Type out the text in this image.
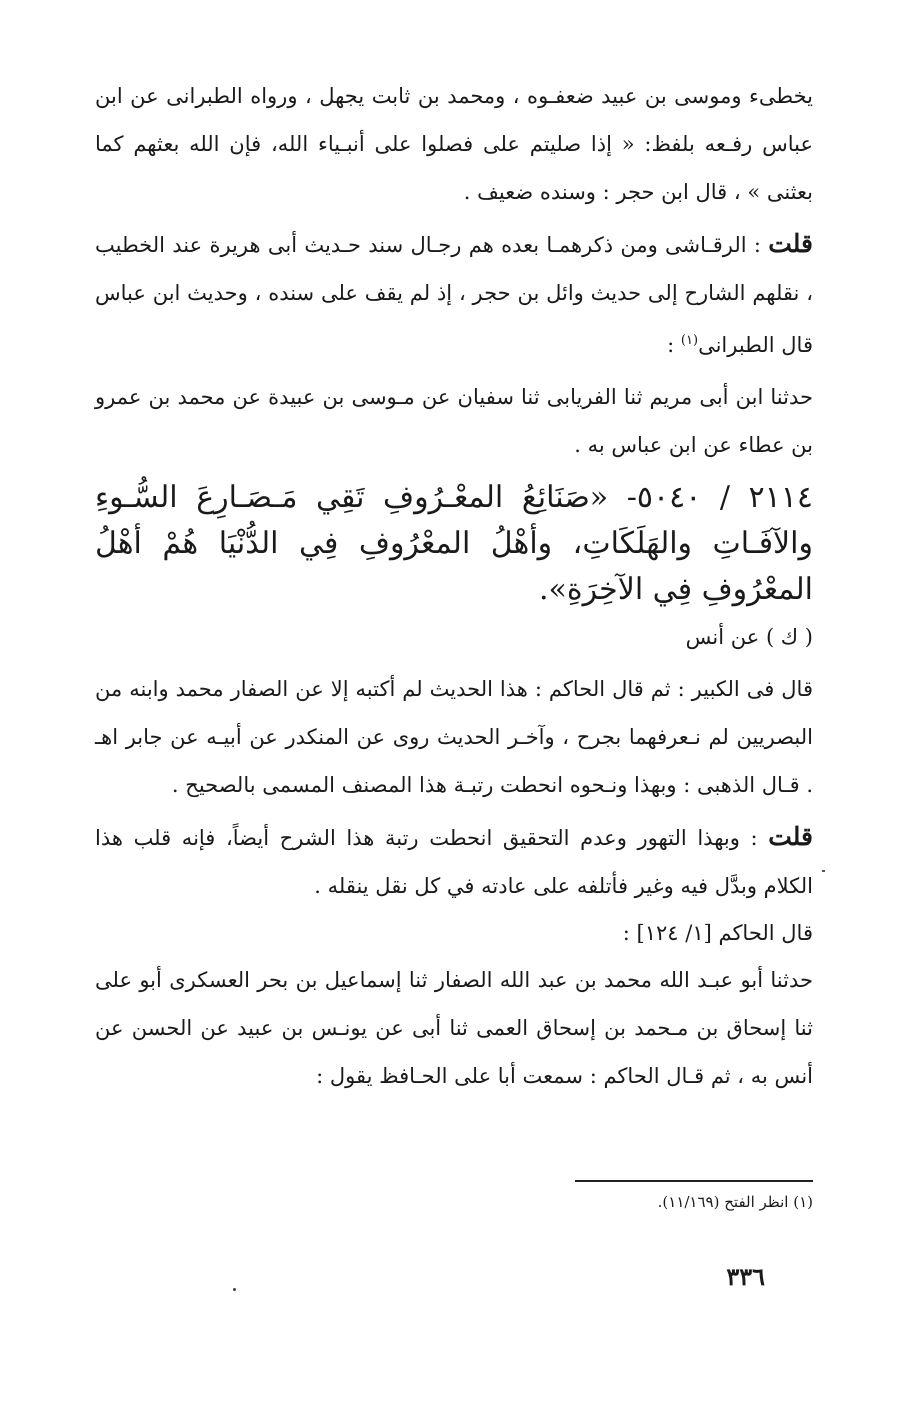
يخطىء وموسى بن عبيد ضعفـوه ، ومحمد بن ثابت يجهل ، ورواه الطبرانى عن ابن عباس رفـعه بلفظ: « إذا صليتم على فصلوا على أنبـياء الله، فإن الله بعثهم كما بعثنى » ، قال ابن حجر : وسنده ضعيف .

قلت : الرقـاشى ومن ذكرهمـا بعده هم رجـال سند حـديث أبى هريرة عند الخطيب ، نقلهم الشارح إلى حديث وائل بن حجر ، إذ لم يقف على سنده ، وحديث ابن عباس قال الطبرانى$^{(١)}$ :

حدثنا ابن أبى مريم ثنا الفريابى ثنا سفيان عن مـوسى بن عبيدة عن محمد بن عمرو بن عطاء عن ابن عباس به .

٢١١٤ / ٥٠٤٠- «صَنَائِعُ المعْـرُوفِ تَقِي مَـصَـارِعَ السُّـوءِ والآفَـاتِ والهَلَكَاتِ، وأهْلُ المعْرُوفِ فِي الدُّنْيَا هُمْ أهْلُ المعْرُوفِ فِي الآخِرَةِ».

( ك ) عن أنس

قال فى الكبير : ثم قال الحاكم : هذا الحديث لم أكتبه إلا عن الصفار محمد وابنه من البصريين لم نـعرفهما بجرح ، وآخـر الحديث روى عن المنكدر عن أبيـه عن جابر اهـ . قـال الذهبى : وبهذا ونـحوه انحطت رتبـة هذا المصنف المسمى بالصحيح .

قلت : وبهذا التهور وعدم التحقيق انحطت رتبة هذا الشرح أيضاً، فإنه قلب هذا الكلام وبدَّل فيه وغير فأتلفه على عادته في كل نقل ينقله .

قال الحاكم [١/ ١٢٤] :

حدثنا أبو عبـد الله محمد بن عبد الله الصفار ثنا إسماعيل بن بحر العسكرى أبو على ثنا إسحاق بن مـحمد بن إسحاق العمى ثنا أبى عن يونـس بن عبيد عن الحسن عن أنس به ، ثم قـال الحاكم : سمعت أبا على الحـافظ يقول :

(١) انظر الفتح (١١/١٦٩).
٣٣٦
